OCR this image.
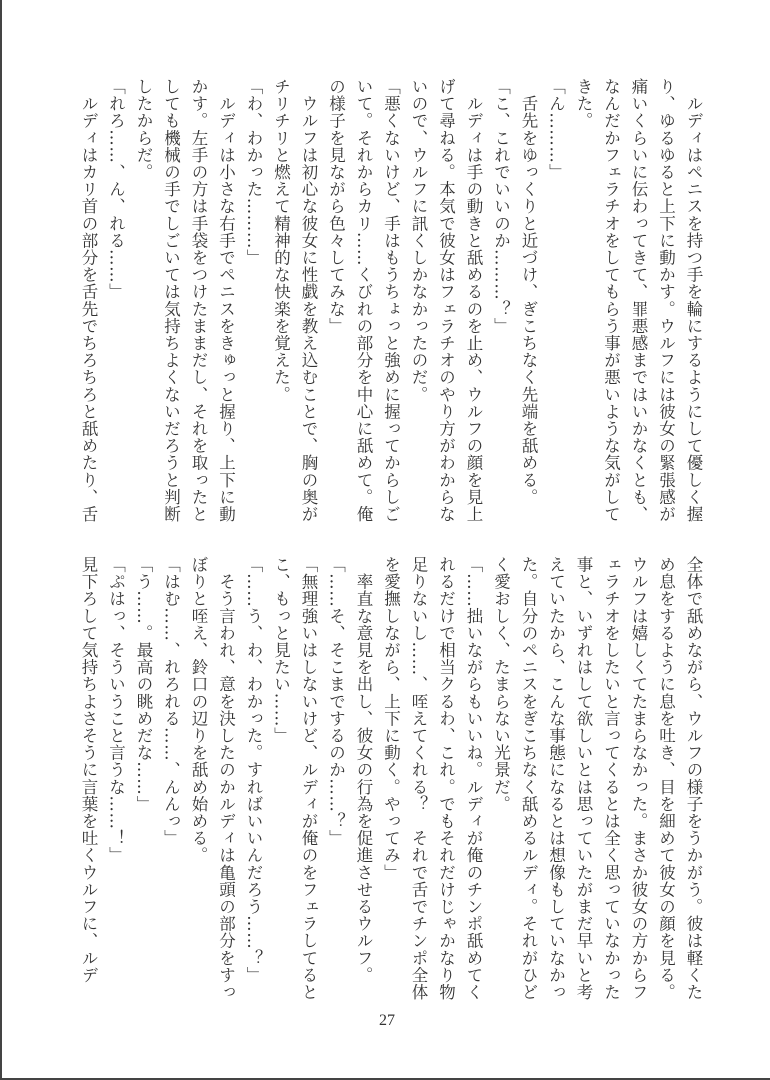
　ルディはペニスを持つ手を輪にするようにして優しく握
り、ゆるゆると上下に動かす。ウルフには彼女の緊張感が
痛いくらいに伝わってきて、罪悪感まではいかなくとも、
なんだかフェラチオをしてもらう事が悪いような気がして
きた。
「ん………」
　舌先をゆっくりと近づけ、ぎこちなく先端を舐める。
「こ、これでいいのか………？」
　ルディは手の動きと舐めるのを止め、ウルフの顔を見上
げて尋ねる。本気で彼女はフェラチオのやり方がわからな
いので、ウルフに訊くしかなかったのだ。
「悪くないけど、手はもうちょっと強めに握ってからしご
いて。それからカリ……くびれの部分を中心に舐めて。俺
の様子を見ながら色々してみな」
　ウルフは初心な彼女に性戯を教え込むことで、胸の奥が
チリチリと燃えて精神的な快楽を覚えた。
「わ、わかった………」
　ルディは小さな右手でペニスをきゅっと握り、上下に動
かす。左手の方は手袋をつけたままだし、それを取ったと
しても機械の手でしごいては気持ちよくないだろうと判断
したからだ。
「れろ……、ん、れる……」
　ルディはカリ首の部分を舌先でちろちろと舐めたり、舌
全体で舐めながら、ウルフの様子をうかがう。彼は軽くた
め息をするように息を吐き、目を細めて彼女の顔を見る。
ウルフは嬉しくてたまらなかった。まさか彼女の方からフ
ェラチオをしたいと言ってくるとは全く思っていなかった
事と、いずれはして欲しいとは思っていたがまだ早いと考
えていたから、こんな事態になるとは想像もしていなかっ
た。自分のペニスをぎこちなく舐めるルディ。それがひど
く愛おしく、たまらない光景だ。
「……拙いながらもいいね。ルディが俺のチンポ舐めてく
れるだけで相当クるわ、これ。でもそれだけじゃかなり物
足りないし……、咥えてくれる？　それで舌でチンポ全体
を愛撫しながら、上下に動く。やってみ」
　率直な意見を出し、彼女の行為を促進させるウルフ。
「……そ、そこまでするのか……？」
「無理強いはしないけど、ルディが俺のをフェラしてると
こ、もっと見たい……」
「……う、わ、わかった。すればいいんだろう……？」
　そう言われ、意を決したのかルディは亀頭の部分をすっ
ぼりと咥え、鈴口の辺りを舐め始める。
「はむ……、れろれる……、んんっ」
「う……。最高の眺めだな……」
「ぷはっ、そういうこと言うな……！」
見下ろして気持ちよさそうに言葉を吐くウルフに、ルデ
27
